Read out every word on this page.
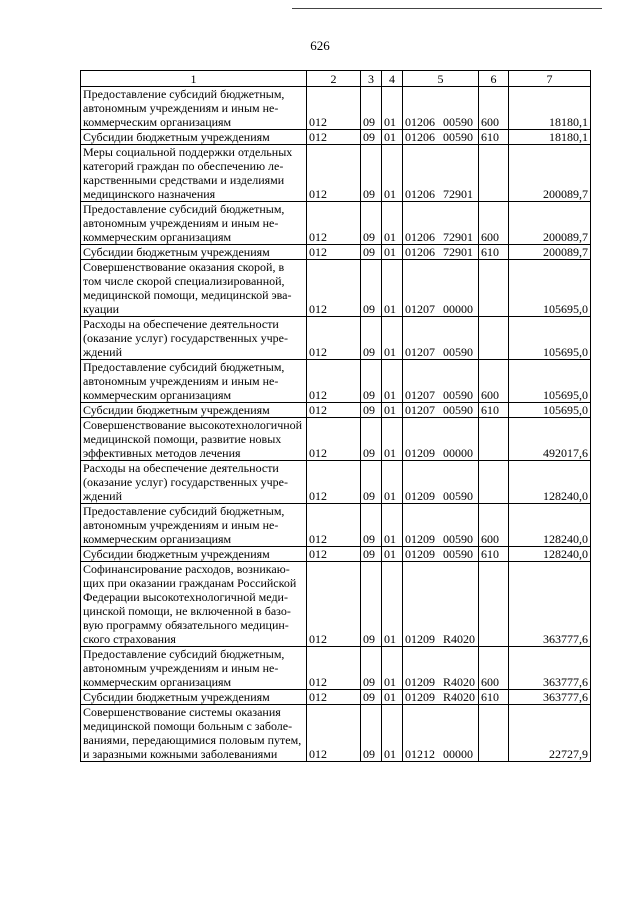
626
1	2	3	4	5	6	7
Предоставление субсидий бюджетным, автономным учреждениям и иным некоммерческим организациям	012	09	01	01206 00590	600	18180,1
Субсидии бюджетным учреждениям	012	09	01	01206 00590	610	18180,1
Меры социальной поддержки отдельных категорий граждан по обеспечению лекарственными средствами и изделиями медицинского назначения	012	09	01	01206 72901		200089,7
Предоставление субсидий бюджетным, автономным учреждениям и иным некоммерческим организациям	012	09	01	01206 72901	600	200089,7
Субсидии бюджетным учреждениям	012	09	01	01206 72901	610	200089,7
Совершенствование оказания скорой, в том числе скорой специализированной, медицинской помощи, медицинской эвакуации	012	09	01	01207 00000		105695,0
Расходы на обеспечение деятельности (оказание услуг) государственных учреждений	012	09	01	01207 00590		105695,0
Предоставление субсидий бюджетным, автономным учреждениям и иным некоммерческим организациям	012	09	01	01207 00590	600	105695,0
Субсидии бюджетным учреждениям	012	09	01	01207 00590	610	105695,0
Совершенствование высокотехнологичной медицинской помощи, развитие новых эффективных методов лечения	012	09	01	01209 00000		492017,6
Расходы на обеспечение деятельности (оказание услуг) государственных учреждений	012	09	01	01209 00590		128240,0
Предоставление субсидий бюджетным, автономным учреждениям и иным некоммерческим организациям	012	09	01	01209 00590	600	128240,0
Субсидии бюджетным учреждениям	012	09	01	01209 00590	610	128240,0
Софинансирование расходов, возникающих при оказании гражданам Российской Федерации высокотехнологичной медицинской помощи, не включенной в базовую программу обязательного медицинского страхования	012	09	01	01209 R4020		363777,6
Предоставление субсидий бюджетным, автономным учреждениям и иным некоммерческим организациям	012	09	01	01209 R4020	600	363777,6
Субсидии бюджетным учреждениям	012	09	01	01209 R4020	610	363777,6
Совершенствование системы оказания медицинской помощи больным с заболеваниями, передающимися половым путем, и заразными кожными заболеваниями	012	09	01	01212 00000		22727,9
